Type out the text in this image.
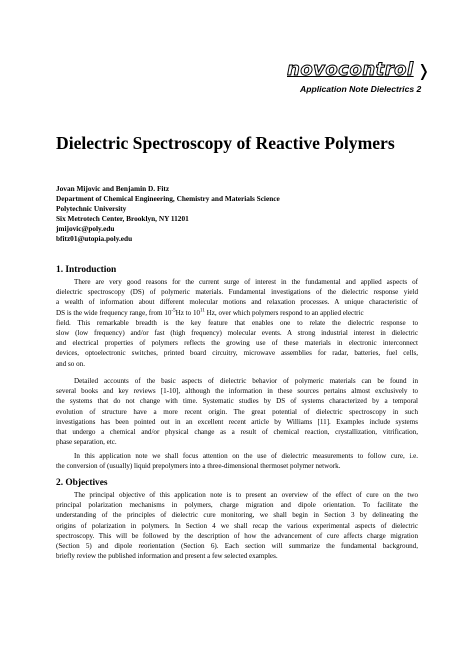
novocontrol ❭
Application Note Dielectrics 2
Dielectric Spectroscopy of Reactive Polymers
Jovan Mijovic and Benjamin D. Fitz
Department of Chemical Engineering, Chemistry and Materials Science
Polytechnic University
Six Metrotech Center, Brooklyn, NY 11201
jmijovic@poly.edu
bfitz01@utopia.poly.edu
1. Introduction
There are very good reasons for the current surge of interest in the fundamental and applied aspects of
dielectric spectroscopy (DS) of polymeric materials. Fundamental investigations of the dielectric response yield
a wealth of information about different molecular motions and relaxation processes. A unique characteristic of
DS is the wide frequency range, from $10^{-5}Hz$ to $10^{11}$ Hz, over which polymers respond to an applied electric
field. This remarkable breadth is the key feature that enables one to relate the dielectric response to
slow (low frequency) and/or fast (high frequency) molecular events. A strong industrial interest in dielectric
and electrical properties of polymers reflects the growing use of these materials in electronic interconnect
devices, optoelectronic switches, printed board circuitry, microwave assemblies for radar, batteries, fuel cells,
and so on.
Detailed accounts of the basic aspects of dielectric behavior of polymeric materials can be found in
several books and key reviews [1-10], although the information in these sources pertains almost exclusively to
the systems that do not change with time. Systematic studies by DS of systems characterized by a temporal
evolution of structure have a more recent origin. The great potential of dielectric spectroscopy in such
investigations has been pointed out in an excellent recent article by Williams [11]. Examples include systems
that undergo a chemical and/or physical change as a result of chemical reaction, crystallization, vitrification,
phase separation, etc.
In this application note we shall focus attention on the use of dielectric measurements to follow cure, i.e.
the conversion of (usually) liquid prepolymers into a three-dimensional thermoset polymer network.
2. Objectives
The principal objective of this application note is to present an overview of the effect of cure on the two
principal polarization mechanisms in polymers, charge migration and dipole orientation. To facilitate the
understanding of the principles of dielectric cure monitoring, we shall begin in Section 3 by delineating the
origins of polarization in polymers. In Section 4 we shall recap the various experimental aspects of dielectric
spectroscopy. This will be followed by the description of how the advancement of cure affects charge migration
(Section 5) and dipole reorientation (Section 6). Each section will summarize the fundamental background,
briefly review the published information and present a few selected examples.
